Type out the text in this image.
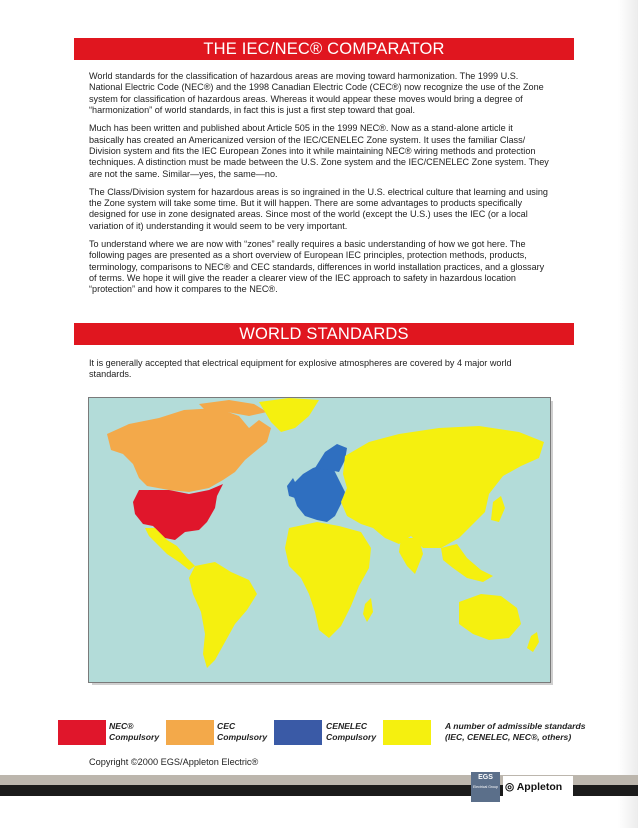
THE IEC/NEC® COMPARATOR

World standards for the classification of hazardous areas are moving toward harmonization. The 1999 U.S. National Electric Code (NEC®) and the 1998 Canadian Electric Code (CEC®) now recognize the use of the Zone system for classification of hazardous areas. Whereas it would appear these moves would bring a degree of “harmonization” of world standards, in fact this is just a first step toward that goal.

Much has been written and published about Article 505 in the 1999 NEC®. Now as a stand-alone article it basically has created an Americanized version of the IEC/CENELEC Zone system. It uses the familiar Class/ Division system and fits the IEC European Zones into it while maintaining NEC® wiring methods and protection techniques. A distinction must be made between the U.S. Zone system and the IEC/CENELEC Zone system. They are not the same. Similar—yes, the same—no.

The Class/Division system for hazardous areas is so ingrained in the U.S. electrical culture that learning and using the Zone system will take some time. But it will happen. There are some advantages to products specifically designed for use in zone designated areas. Since most of the world (except the U.S.) uses the IEC (or a local variation of it) understanding it would seem to be very important.

To understand where we are now with “zones” really requires a basic understanding of how we got here. The following pages are presented as a short overview of European IEC principles, protection methods, products, terminology, comparisons to NEC® and CEC standards, differences in world installation practices, and a glossary of terms. We hope it will give the reader a clearer view of the IEC approach to safety in hazardous location “protection” and how it compares to the NEC®.

WORLD STANDARDS
It is generally accepted that electrical equipment for explosive atmospheres are covered by 4 major world standards.
NEC®
Compulsory
CEC
Compulsory
CENELEC
Compulsory
A number of admissible standards
(IEC, CENELEC, NEC®, others)
Copyright ©2000 EGS/Appleton Electric®
EGS
Electrical Group ◎ Appleton
